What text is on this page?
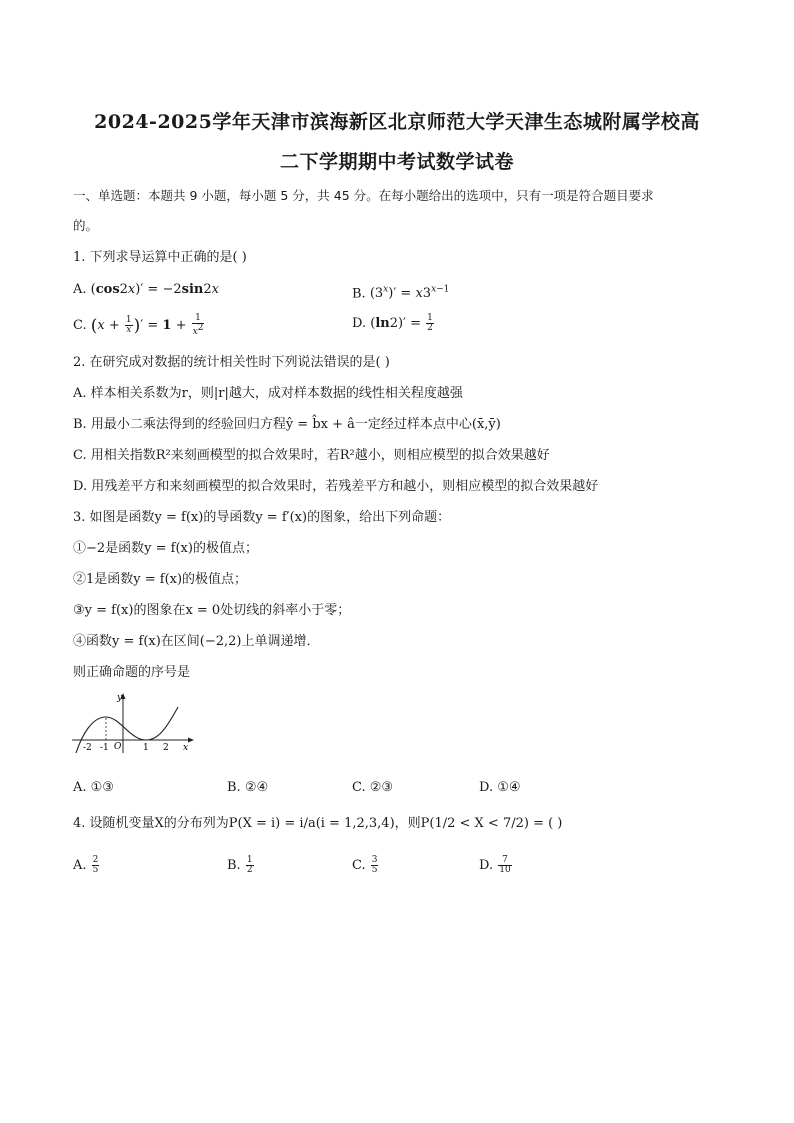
2024-2025学年天津市滨海新区北京师范大学天津生态城附属学校高
二下学期期中考试数学试卷
一、单选题：本题共 9 小题，每小题 5 分，共 45 分。在每小题给出的选项中，只有一项是符合题目要求
的。
1. 下列求导运算中正确的是( )
A. (cos2x)′ = −2sin2x	B. $(3^x)' = x3^{x-1}$
C. ($x + \frac{1}{x}$ )′ = $1 + \frac{1}{x^2}$	D. $(\ln 2)' = \frac{1}{2}$
2. 在研究成对数据的统计相关性时下列说法错误的是( )
A. 样本相关系数为r，则|r|越大，成对样本数据的线性相关程度越强
B. 用最小二乘法得到的经验回归方程ŷ = b̂x + â一定经过样本点中心(x̄,ȳ)
C. 用相关指数R²来刻画模型的拟合效果时，若R²越小，则相应模型的拟合效果越好
D. 用残差平方和来刻画模型的拟合效果时，若残差平方和越小，则相应模型的拟合效果越好
3. 如图是函数y = f(x)的导函数y = f′(x)的图象，给出下列命题：
①−2是函数y = f(x)的极值点；
②1是函数y = f(x)的极值点；
③y = f(x)的图象在x = 0处切线的斜率小于零；
④函数y = f(x)在区间(−2,2)上单调递增．
则正确命题的序号是
y
x
O
-2 -1	1 2
A. ①③	B. ②④	C. ②③	D. ①④
4. 设随机变量X的分布列为P(X = i) = i/a(i = 1,2,3,4)，则P(1/2 < X < 7/2) = ( )
A. $\frac{2}{5}$	B. $\frac{1}{2}$	C. $\frac{3}{5}$	D. $\frac{7}{10}$
